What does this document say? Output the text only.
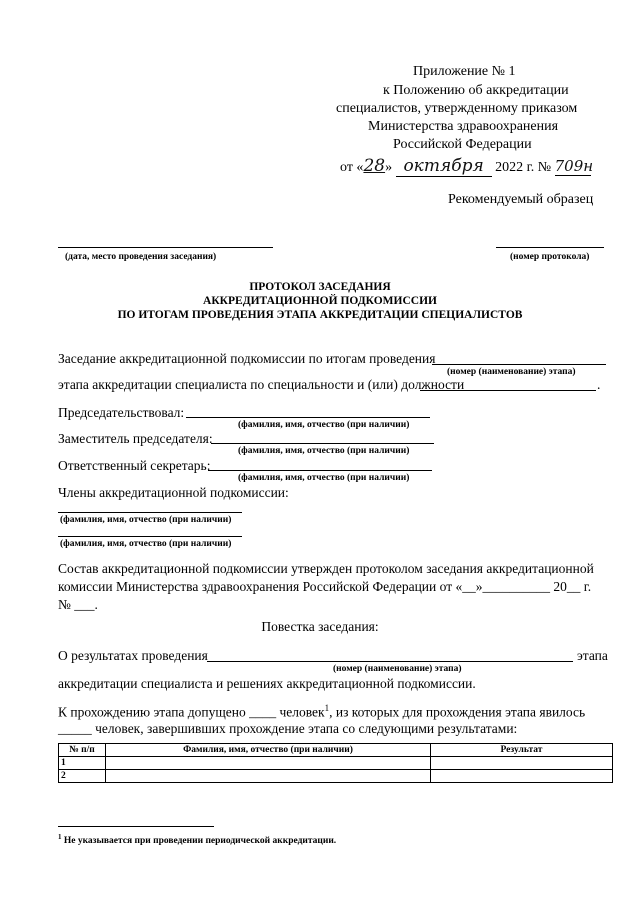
Приложение № 1
к Положению об аккредитации
специалистов, утвержденному приказом
Министерства здравоохранения
Российской Федерации
от «28» октября 2022 г. № 709н
Рекомендуемый образец
(дата, место проведения заседания)	(номер протокола)
ПРОТОКОЛ ЗАСЕДАНИЯ
АККРЕДИТАЦИОННОЙ ПОДКОМИССИИ
ПО ИТОГАМ ПРОВЕДЕНИЯ ЭТАПА АККРЕДИТАЦИИ СПЕЦИАЛИСТОВ
Заседание аккредитационной подкомиссии по итогам проведения
(номер (наименование) этапа)
этапа аккредитации специалиста по специальности и (или) должности	.
Председательствовал:
(фамилия, имя, отчество (при наличии)
Заместитель председателя:
(фамилия, имя, отчество (при наличии)
Ответственный секретарь:
(фамилия, имя, отчество (при наличии)
Члены аккредитационной подкомиссии:
(фамилия, имя, отчество (при наличии)
(фамилия, имя, отчество (при наличии)
Состав аккредитационной подкомиссии утвержден протоколом заседания аккредитационной
комиссии Министерства здравоохранения Российской Федерации от «__»__________ 20__ г.
№ ___.
Повестка заседания:
О результатах проведения	этапа
(номер (наименование) этапа)
аккредитации специалиста и решениях аккредитационной подкомиссии.
К прохождению этапа допущено ____ человек$^1$, из которых для прохождения этапа явилось
_____ человек, завершивших прохождение этапа со следующими результатами:
№ п/п	Фамилия, имя, отчество (при наличии)	Результат
1		
2		
$^1$ Не указывается при проведении периодической аккредитации.
